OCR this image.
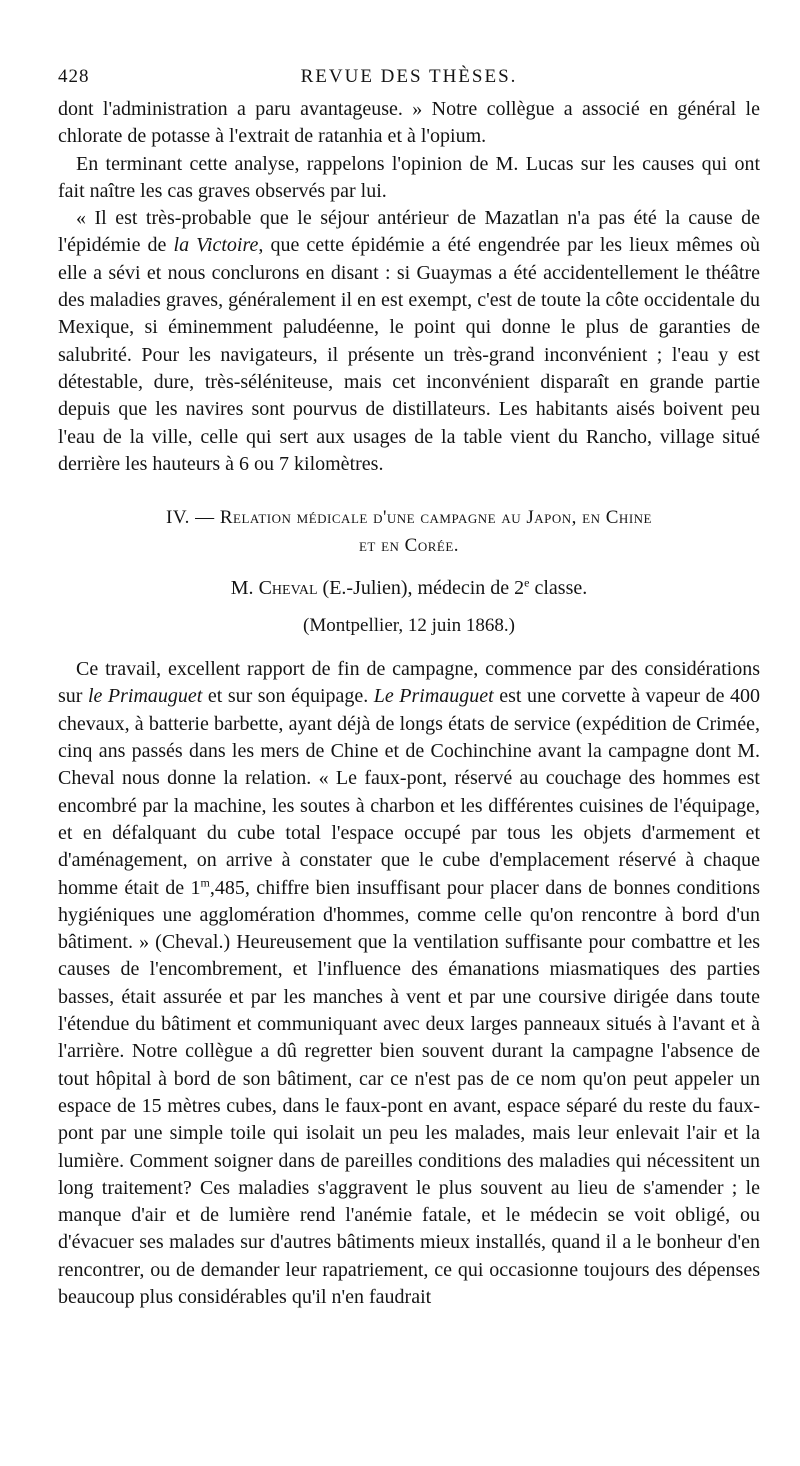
428	REVUE DES THÈSES.

dont l'administration a paru avantageuse. » Notre collègue a associé en général le chlorate de potasse à l'extrait de ratanhia et à l'opium.

En terminant cette analyse, rappelons l'opinion de M. Lucas sur les causes qui ont fait naître les cas graves observés par lui.

« Il est très-probable que le séjour antérieur de Mazatlan n'a pas été la cause de l'épidémie de la Victoire, que cette épidémie a été engendrée par les lieux mêmes où elle a sévi et nous conclurons en disant : si Guaymas a été accidentellement le théâtre des maladies graves, généralement il en est exempt, c'est de toute la côte occidentale du Mexique, si éminemment paludéenne, le point qui donne le plus de garanties de salubrité. Pour les navigateurs, il présente un très-grand inconvénient ; l'eau y est détestable, dure, très-séléniteuse, mais cet inconvénient disparaît en grande partie depuis que les navires sont pourvus de distillateurs. Les habitants aisés boivent peu l'eau de la ville, celle qui sert aux usages de la table vient du Rancho, village situé derrière les hauteurs à 6 ou 7 kilomètres.

IV. — Relation médicale d'une campagne au Japon, en Chine
et en Corée.
M. Cheval (E.-Julien), médecin de 2e classe.
(Montpellier, 12 juin 1868.)

Ce travail, excellent rapport de fin de campagne, commence par des considérations sur le Primauguet et sur son équipage. Le Primauguet est une corvette à vapeur de 400 chevaux, à batterie barbette, ayant déjà de longs états de service (expédition de Crimée, cinq ans passés dans les mers de Chine et de Cochinchine avant la campagne dont M. Cheval nous donne la relation. « Le faux-pont, réservé au couchage des hommes est encombré par la machine, les soutes à charbon et les différentes cuisines de l'équipage, et en défalquant du cube total l'espace occupé par tous les objets d'armement et d'aménagement, on arrive à constater que le cube d'emplacement réservé à chaque homme était de 1$^m$,485, chiffre bien insuffisant pour placer dans de bonnes conditions hygiéniques une agglomération d'hommes, comme celle qu'on rencontre à bord d'un bâtiment. » (Cheval.) Heureusement que la ventilation suffisante pour combattre et les causes de l'encombrement, et l'influence des émanations miasmatiques des parties basses, était assurée et par les manches à vent et par une coursive dirigée dans toute l'étendue du bâtiment et communiquant avec deux larges panneaux situés à l'avant et à l'arrière. Notre collègue a dû regretter bien souvent durant la campagne l'absence de tout hôpital à bord de son bâtiment, car ce n'est pas de ce nom qu'on peut appeler un espace de 15 mètres cubes, dans le faux-pont en avant, espace séparé du reste du faux-pont par une simple toile qui isolait un peu les malades, mais leur enlevait l'air et la lumière. Comment soigner dans de pareilles conditions des maladies qui nécessitent un long traitement? Ces maladies s'aggravent le plus souvent au lieu de s'amender ; le manque d'air et de lumière rend l'anémie fatale, et le médecin se voit obligé, ou d'évacuer ses malades sur d'autres bâtiments mieux installés, quand il a le bonheur d'en rencontrer, ou de demander leur rapatriement, ce qui occasionne toujours des dépenses beaucoup plus considérables qu'il n'en faudrait
